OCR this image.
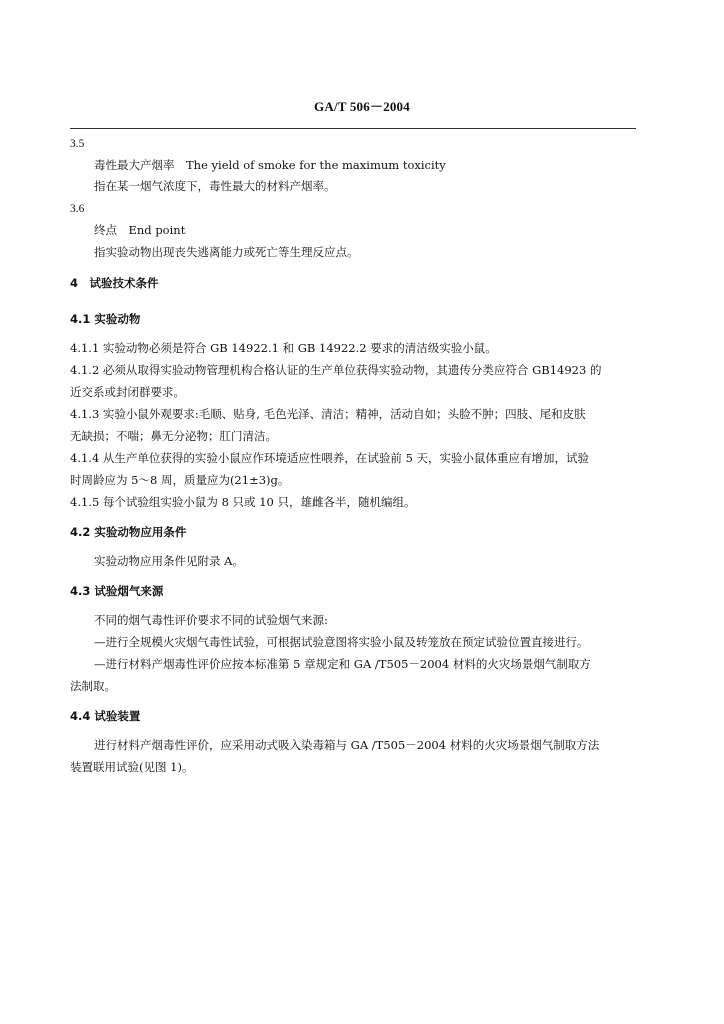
GA/T 506－2004
3.5
毒性最大产烟率　The yield of smoke for the maximum toxicity
指在某一烟气浓度下，毒性最大的材料产烟率。
3.6
终点　End point
指实验动物出现丧失逃离能力或死亡等生理反应点。
4　试验技术条件
4.1 实验动物
4.1.1 实验动物必须是符合 GB 14922.1 和 GB 14922.2 要求的清洁级实验小鼠。
4.1.2 必须从取得实验动物管理机构合格认证的生产单位获得实验动物，其遗传分类应符合 GB14923 的
近交系或封闭群要求。
4.1.3 实验小鼠外观要求:毛顺、贴身, 毛色光泽、清洁；精神，活动自如；头脸不肿；四肢、尾和皮肤
无缺损；不喘；鼻无分泌物；肛门清洁。
4.1.4 从生产单位获得的实验小鼠应作环境适应性喂养，在试验前 5 天，实验小鼠体重应有增加，试验
时周龄应为 5～8 周，质量应为(21±3)g。
4.1.5 每个试验组实验小鼠为 8 只或 10 只，雄雌各半，随机编组。
4.2 实验动物应用条件
实验动物应用条件见附录 A。
4.3 试验烟气来源
不同的烟气毒性评价要求不同的试验烟气来源:
—进行全规模火灾烟气毒性试验，可根据试验意图将实验小鼠及转笼放在预定试验位置直接进行。
—进行材料产烟毒性评价应按本标准第 5 章规定和 GA /T505－2004 材料的火灾场景烟气制取方
法制取。
4.4 试验装置
进行材料产烟毒性评价，应采用动式吸入染毒箱与 GA /T505－2004 材料的火灾场景烟气制取方法
装置联用试验(见图 1)。
